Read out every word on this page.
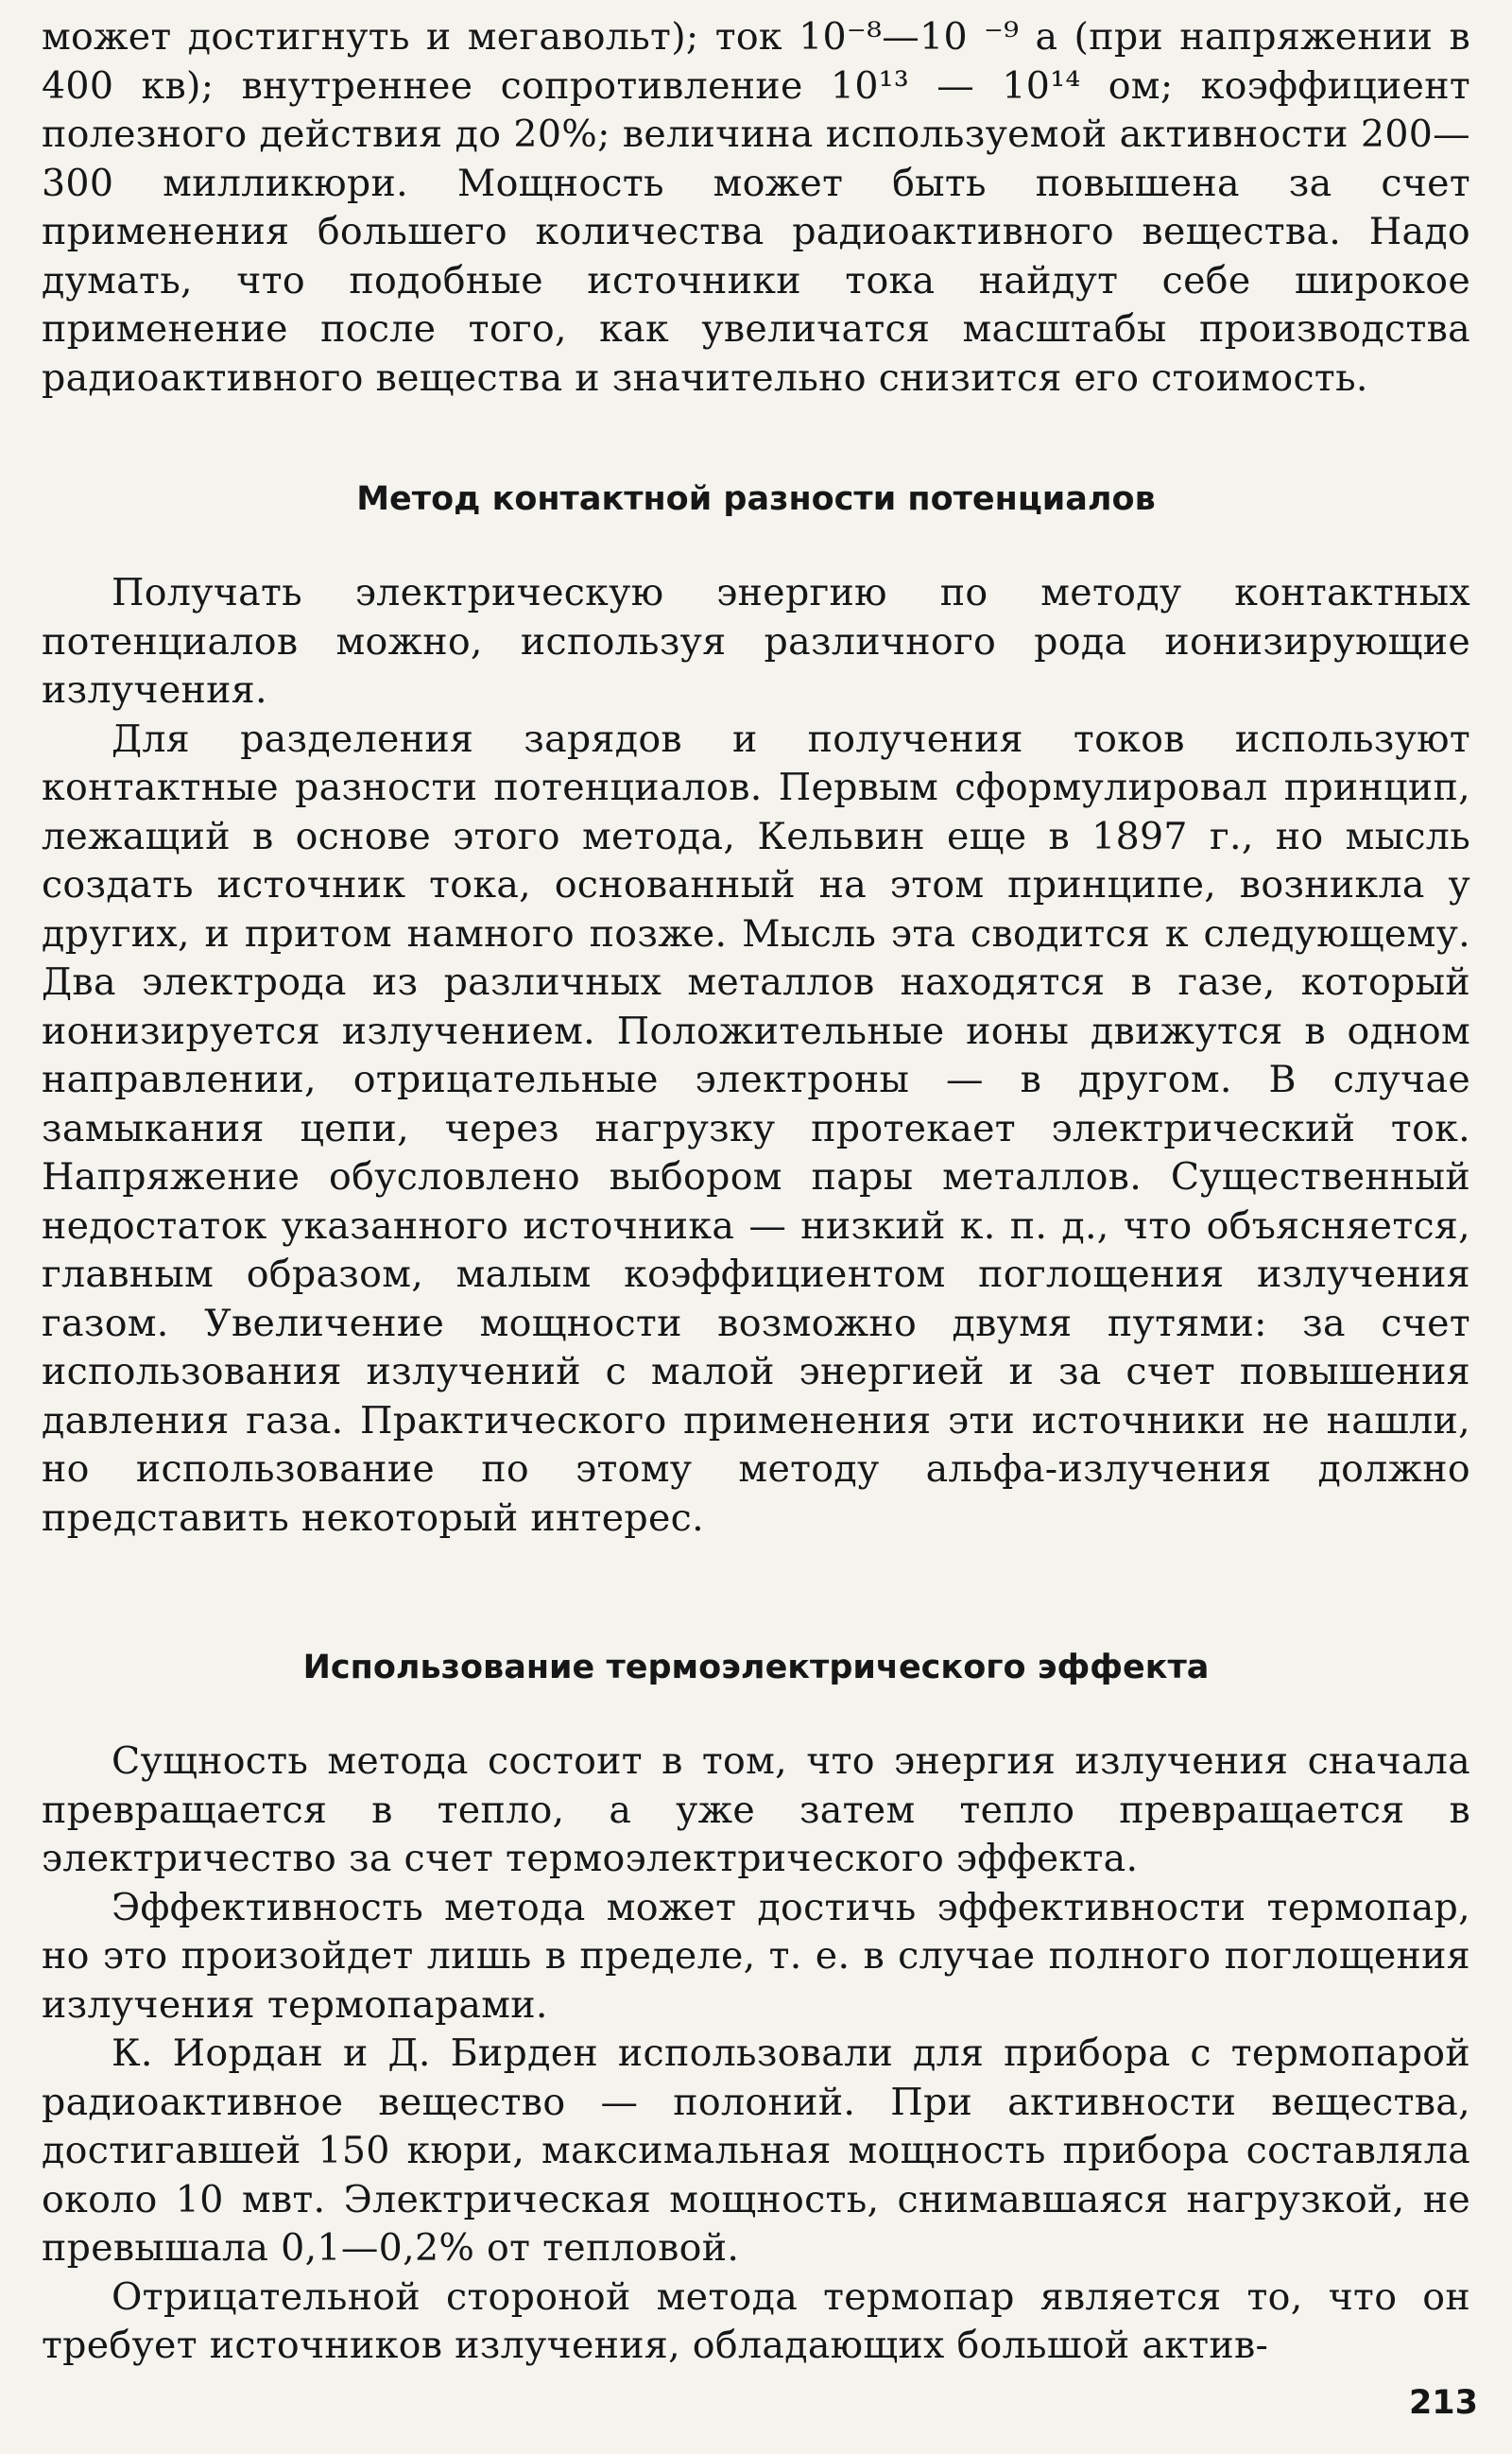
может достигнуть и мегавольт); ток 10⁻⁸—10 ⁻⁹ а (при напряжении в 400 кв); внутреннее сопротивление 10¹³ — 10¹⁴ ом; коэффициент полезного действия до 20%; величина используемой активности 200—300 милликюри. Мощность может быть повышена за счет применения большего количества радиоактивного вещества. Надо думать, что подобные источники тока найдут себе широкое применение после того, как увеличатся масштабы производства радиоактивного вещества и значительно снизится его стоимость.

Метод контактной разности потенциалов

Получать электрическую энергию по методу контактных потенциалов можно, используя различного рода ионизирующие излучения.

Для разделения зарядов и получения токов используют контактные разности потенциалов. Первым сформулировал принцип, лежащий в основе этого метода, Кельвин еще в 1897 г., но мысль создать источник тока, основанный на этом принципе, возникла у других, и притом намного позже. Мысль эта сводится к следующему. Два электрода из различных металлов находятся в газе, который ионизируется излучением. Положительные ионы движутся в одном направлении, отрицательные электроны — в другом. В случае замыкания цепи, через нагрузку протекает электрический ток. Напряжение обусловлено выбором пары металлов. Существенный недостаток указанного источника — низкий к. п. д., что объясняется, главным образом, малым коэффициентом поглощения излучения газом. Увеличение мощности возможно двумя путями: за счет использования излучений с малой энергией и за счет повышения давления газа. Практического применения эти источники не нашли, но использование по этому методу альфа-излучения должно представить некоторый интерес.

Использование термоэлектрического эффекта

Сущность метода состоит в том, что энергия излучения сначала превращается в тепло, а уже затем тепло превращается в электричество за счет термоэлектрического эффекта.

Эффективность метода может достичь эффективности термопар, но это произойдет лишь в пределе, т. е. в случае полного поглощения излучения термопарами.

К. Иордан и Д. Бирден использовали для прибора с термопарой радиоактивное вещество — полоний. При активности вещества, достигавшей 150 кюри, максимальная мощность прибора составляла около 10 мвт. Электрическая мощность, снимавшаяся нагрузкой, не превышала 0,1—0,2% от тепловой.

Отрицательной стороной метода термопар является то, что он требует источников излучения, обладающих большой актив-

213
